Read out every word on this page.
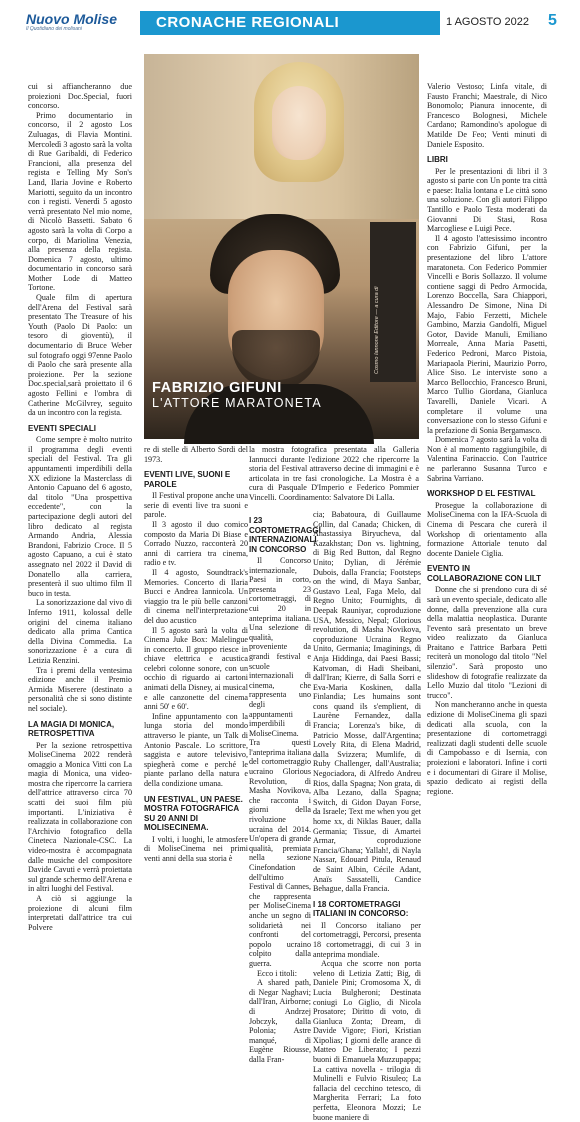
Nuovo Molise
Il Quotidiano dei molisani	CRONACHE REGIONALI	1 AGOSTO 2022 5
Cosmo Iannone Editore — a cura di
FABRIZIO GIFUNI
L'ATTORE MARATONETA

cui si affiancheranno due proiezioni Doc.Special, fuori concorso.

Primo documentario in concorso, il 2 agosto Los Zuluagas, di Flavia Montini. Mercoledì 3 agosto sarà la volta di Rue Garibaldi, di Federico Francioni, alla presenza del regista e Telling My Son's Land, Ilaria Jovine e Roberto Mariotti, seguito da un incontro con i registi. Venerdì 5 agosto verrà presentato Nel mio nome, di Nicolò Bassetti. Sabato 6 agosto sarà la volta di Corpo a corpo, di Mariolina Venezia, alla presenza della regista. Domenica 7 agosto, ultimo documentario in concorso sarà Mother Lode di Matteo Tortone.

Quale film di apertura dell'Arena del Festival sarà presentato The Treasure of his Youth (Paolo Di Paolo: un tesoro di gioventù), il documentario di Bruce Weber sul fotografo oggi 97enne Paolo di Paolo che sarà presente alla proiezione. Per la sezione Doc.special,sarà proiettato il 6 agosto Fellini e l'ombra di Catherine McGilvrey, seguito da un incontro con la regista.

EVENTI SPECIALI

Come sempre è molto nutrito il programma degli eventi speciali del Festival. Tra gli appuntamenti imperdibili della XX edizione la Masterclass di Antonio Capuano del 6 agosto, dal titolo "Una prospettiva eccedente", con la partecipazione degli autori del libro dedicato al regista Armando Andria, Alessia Brandoni, Fabrizio Croce. Il 5 agosto Capuano, a cui è stato assegnato nel 2022 il David di Donatello alla carriera, presenterà il suo ultimo film Il buco in testa.

La sonorizzazione dal vivo di Inferno 1911, kolossal delle origini del cinema italiano dedicato alla prima Cantica della Divina Commedia. La sonorizzazione è a cura di Letizia Renzini.

Tra i premi della ventesima edizione anche il Premio Armida Miserere (destinato a personalità che si sono distinte nel sociale).

LA MAGIA DI MONICA, RETROSPETTIVA

Per la sezione retrospettiva MoliseCinema 2022 renderà omaggio a Monica Vitti con La magia di Monica, una video-mostra che ripercorre la carriera dell'attrice attraverso circa 70 scatti dei suoi film più importanti. L'iniziativa è realizzata in collaborazione con l'Archivio fotografico della Cineteca Nazionale-CSC. La video-mostra è accompagnata dalle musiche del compositore Davide Cavuti e verrà proiettata sul grande schermo dell'Arena e in altri luoghi del Festival.

A ciò si aggiunge la proiezione di alcuni film interpretati dall'attrice tra cui Polvere

re di stelle di Alberto Sordi del 1973.

EVENTI LIVE, SUONI E PAROLE

Il Festival propone anche una serie di eventi live tra suoni e parole.

Il 3 agosto il duo comico composto da Maria Di Biase e Corrado Nuzzo, racconterà 20 anni di carriera tra cinema, radio e tv.

Il 4 agosto, Soundtrack's Memories. Concerto di Ilaria Bucci e Andrea Iannicola. Un viaggio tra le più belle canzoni di cinema nell'interpretazione del duo acustico

Il 5 agosto sarà la volta di Cinema Juke Box: Malelingue in concerto. Il gruppo riesce in chiave elettrica e acustica celebri colonne sonore, con un occhio di riguardo ai cartoni animati della Disney, ai musical e alle canzonette del cinema anni 50' e 60'.

Infine appuntamento con la lunga storia del mondo attraverso le piante, un Talk di Antonio Pascale. Lo scrittore, saggista e autore televisivo, spiegherà come e perché le piante parlano della natura e della condizione umana.

UN FESTIVAL, UN PAESE. MOSTRA FOTOGRAFICA SU 20 ANNI DI MOLISECINEMA.

I volti, i luoghi, le atmosfere di MoliseCinema nei primi venti anni della sua storia è

la mostra fotografica presentata alla Galleria Iannucci durante l'edizione 2022 che ripercorre la storia del Festival attraverso decine di immagini e è articolata in tre fasi cronologiche. La Mostra è a cura di Pasquale D'Imperio e Federico Pommier Vincelli. Coordinamento: Salvatore Di Lalla.

I 23 CORTOMETRAGGI INTERNAZIONALI IN CONCORSO

Il Concorso internazionale, Paesi in corto, presenta 23 cortometraggi, di cui 20 in anteprima italiana. Una selezione di qualità, proveniente da grandi festival e scuole internazionali di cinema, che rappresenta uno degli appuntamenti imperdibili di MoliseCinema. Tra questi l'anteprima italiana del cortometraggio ucraino Glorious Revolution, di Masha Novikova, che racconta i giorni della rivoluzione ucraina del 2014. Un'opera di grande qualità, premiata nella sezione Cinefondation dell'ultimo Festival di Cannes, che rappresenta per MoliseCinema anche un segno di solidarietà nei confronti del popolo ucraino colpito dalla guerra.

Ecco i titoli:

A shared path, di Negar Naghavi; dall'Iran, Airborne; di Andrzej Jobczyk, dalla Polonia; Astre manqué, di Eugène Riousse, dalla Fran-

cia; Babatoura, di Guillaume Collin, dal Canada; Chicken, di Anastassiya Biryucheva, dal Kazakhstan; Don vs. lightning, di Big Red Button, dal Regno Unito; Dylian, di Jérémie Dubois, dalla Francia; Footsteps on the wind, di Maya Sanbar, Gustavo Leal, Faga Melo, dal Regno Unito; Fournights, di Deepak Rauniyar, coproduzione USA, Messico, Nepal; Glorious revolution, di Masha Novikova, coproduzione Ucraina Regno Unito, Germania; Imaginings, di Anja Hiddinga, dai Paesi Bassi; Katvoman, di Hadi Sheibani, dall'Iran; Kierre, di Salla Sorri e Eva-Maria Koskinen, dalla Finlandia; Les humains sont cons quand ils s'emplient, di Laurène Fernandez, dalla Francia; Lorenza's bike, di Patricio Mosse, dall'Argentina; Lovely Rita, di Elena Madrid, dalla Svizzera; Mumlife, di Ruby Challenger, dall'Australia; Negociadora, di Alfredo Andreu Rios, dalla Spagna; Non grata, di Alba Lezano, dalla Spagna; Switch, di Gidon Dayan Forse, da Israele; Text me when you get home xx, di Niklas Bauer, dalla Germania; Tissue, di Amartei Armar, coproduzione Francia/Ghana; Yallah!, di Nayla Nassar, Edouard Pitula, Renaud de Saint Albin, Cécile Adant, Anaïs Sassatelli, Candice Behague, dalla Francia.

I 18 CORTOMETRAGGI ITALIANI IN CONCORSO:

Il Concorso italiano per cortometraggi, Percorsi, presenta 18 cortometraggi, di cui 3 in anteprima mondiale.

Acqua che scorre non porta veleno di Letizia Zatti; Big, di Daniele Pini; Cromosoma X, di Lucia Bulgheroni; Destinata coniugi Lo Giglio, di Nicola Prosatore; Diritto di voto, di Gianluca Zonta; Dream, di Davide Vigore; Fiori, Kristian Xipolias; I giorni delle arance di Matteo De Liberato; I pezzi buoni di Emanuela Muzzupappa; La cattiva novella - trilogia di Mulinelli e Fulvio Risuleo; La fallacia del cecchino tetesco, di Margherita Ferrari; La foto perfetta, Eleonora Mozzi; Le buone maniere di

Valerio Vestoso; Linfa vitale, di Fausto Franchi; Maestrale, di Nico Bonomolo; Pianura innocente, di Francesco Bolognesi, Michele Cardano; Ramondino's apologue di Matilde De Feo; Venti minuti di Daniele Esposito.

LIBRI

Per le presentazioni di libri il 3 agosto si parte con Un ponte tra città e paese: Italia lontana e Le città sono una soluzione. Con gli autori Filippo Tantillo e Paolo Testa moderati da Giovanni Di Stasi, Rosa Marcogliese e Luigi Pece.

Il 4 agosto l'attesissimo incontro con Fabrizio Gifuni, per la presentazione del libro L'attore maratoneta. Con Federico Pommier Vincelli e Boris Sollazzo. Il volume contiene saggi di Pedro Armocida, Lorenzo Boccella, Sara Chiappori, Alessandro De Simone, Nina Di Majo, Fabio Ferzetti, Michele Gambino, Marzia Gandolfi, Miguel Gotor, Davide Manuli, Emiliano Morreale, Anna Maria Pasetti, Federico Pedroni, Marco Pistoia, Mariapaola Pierini, Maurizio Porro, Alice Siso. Le interviste sono a Marco Bellocchio, Francesco Bruni, Marco Tullio Giordana, Gianluca Tavarelli, Daniele Vicari. A completare il volume una conversazione con lo stesso Gifuni e la prefazione di Sonia Bergamasco.

Domenica 7 agosto sarà la volta di Non è al momento raggiungibile, di Valentina Farinaccio. Con l'autrice ne parleranno Susanna Turco e Sabrina Varriano.

WORKSHOP D EL FESTIVAL

Prosegue la collaborazione di MoliseCinema con la IFA-Scuola di Cinema di Pescara che curerà il Workshop di orientamento alla formazione Attoriale tenuto dal docente Daniele Ciglia.

EVENTO IN COLLABORAZIONE CON LILT

Donne che si prendono cura di sé sarà un evento speciale, dedicato alle donne, dalla prevenzione alla cura della malattia neoplastica. Durante l'evento sarà presentato un breve video realizzato da Gianluca Praitano e l'attrice Barbara Petti reciterà un monologo dal titolo "Nel silenzio". Sarà proposto uno slideshow di fotografie realizzate da Lello Muzio dal titolo "Lezioni di trucco".

Non mancheranno anche in questa edizione di MoliseCinema gli spazi dedicati alla scuola, con la presentazione di cortometraggi realizzati dagli studenti delle scuole di Campobasso e di Isernia, con proiezioni e laboratori. Infine i corti e i documentari di Girare il Molise, spazio dedicato ai registi della regione.
